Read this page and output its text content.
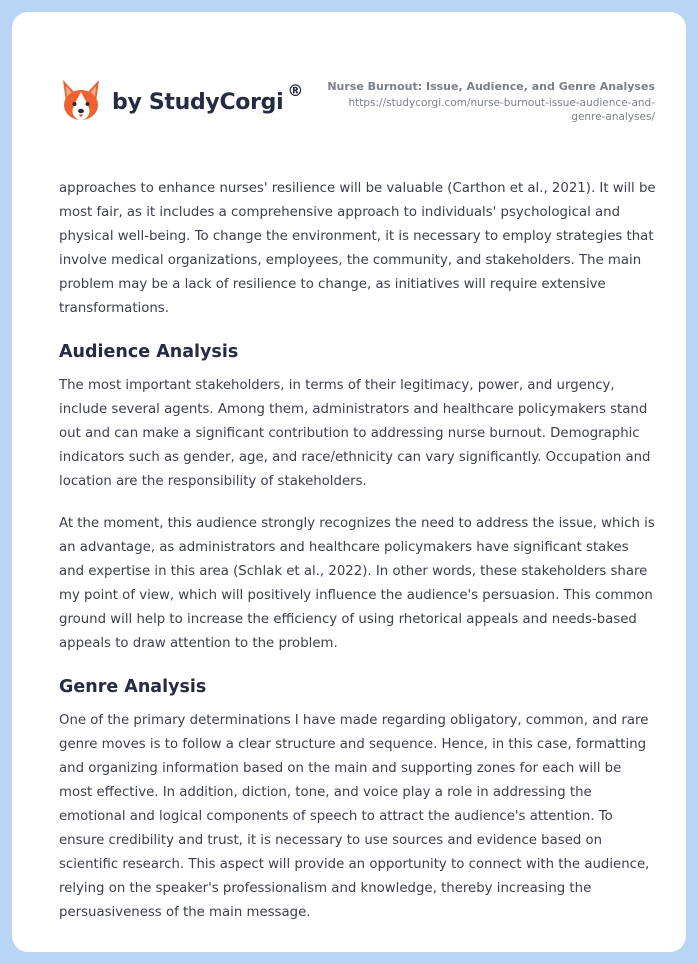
by StudyCorgi ®	Nurse Burnout: Issue, Audience, and Genre Analyses
https://studycorgi.com/nurse-burnout-issue-audience-and-genre-analyses/

approaches to enhance nurses' resilience will be valuable (Carthon et al., 2021). It will be most fair, as it includes a comprehensive approach to individuals' psychological and physical well-being. To change the environment, it is necessary to employ strategies that involve medical organizations, employees, the community, and stakeholders. The main problem may be a lack of resilience to change, as initiatives will require extensive transformations.

Audience Analysis

The most important stakeholders, in terms of their legitimacy, power, and urgency, include several agents. Among them, administrators and healthcare policymakers stand out and can make a significant contribution to addressing nurse burnout. Demographic indicators such as gender, age, and race/ethnicity can vary significantly. Occupation and location are the responsibility of stakeholders.

At the moment, this audience strongly recognizes the need to address the issue, which is an advantage, as administrators and healthcare policymakers have significant stakes and expertise in this area (Schlak et al., 2022). In other words, these stakeholders share my point of view, which will positively influence the audience's persuasion. This common ground will help to increase the efficiency of using rhetorical appeals and needs-based appeals to draw attention to the problem.

Genre Analysis

One of the primary determinations I have made regarding obligatory, common, and rare genre moves is to follow a clear structure and sequence. Hence, in this case, formatting and organizing information based on the main and supporting zones for each will be most effective. In addition, diction, tone, and voice play a role in addressing the emotional and logical components of speech to attract the audience's attention. To ensure credibility and trust, it is necessary to use sources and evidence based on scientific research. This aspect will provide an opportunity to connect with the audience, relying on the speaker's professionalism and knowledge, thereby increasing the persuasiveness of the main message.
